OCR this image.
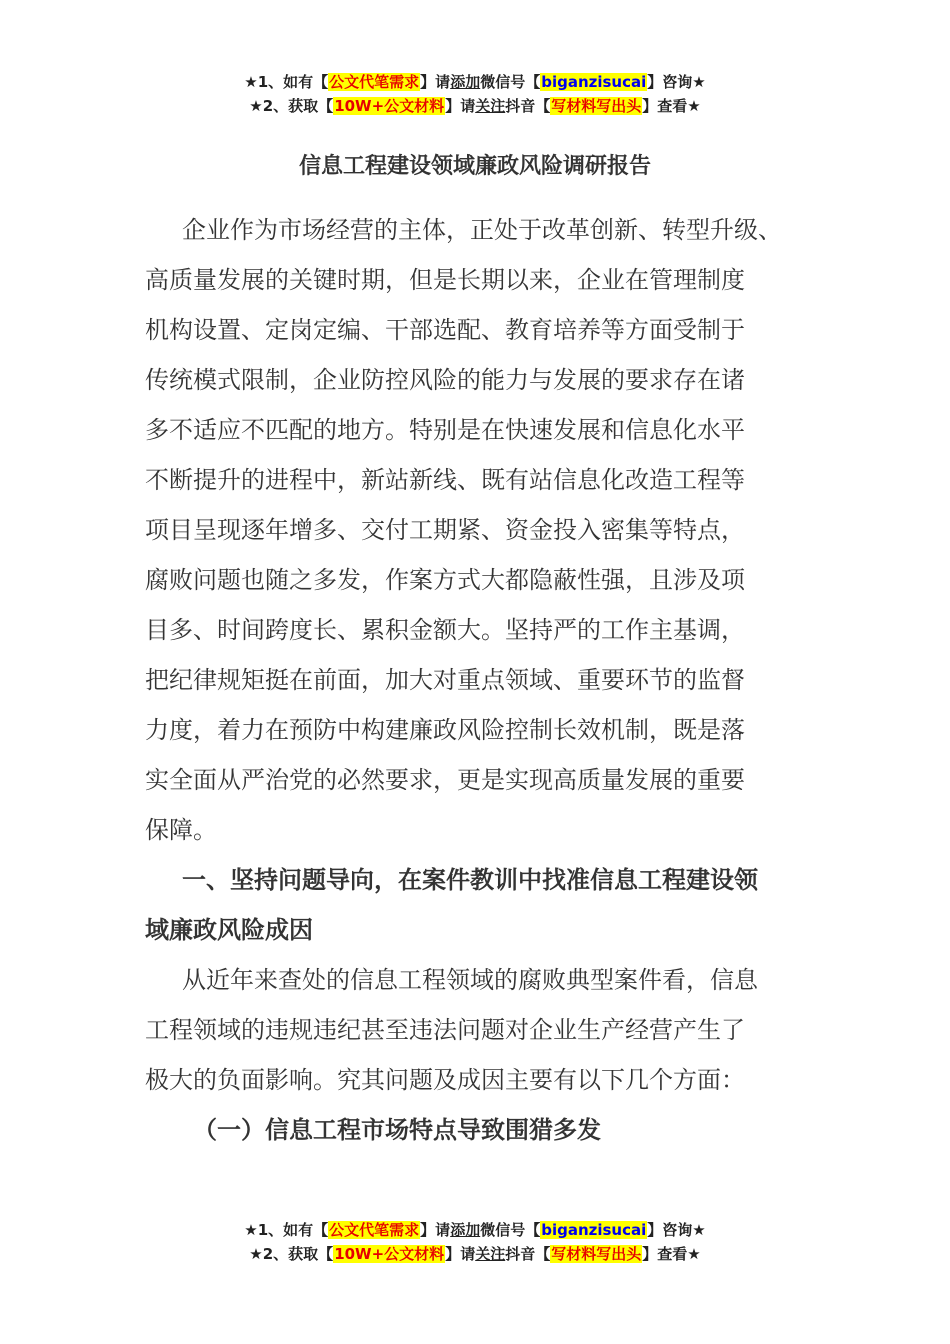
★1、如有【公文代笔需求】请添加微信号【biganzisucai】咨询★
★2、获取【10W+公文材料】请关注抖音【写材料写出头】查看★
信息工程建设领域廉政风险调研报告
企业作为市场经营的主体，正处于改革创新、转型升级、
高质量发展的关键时期，但是长期以来，企业在管理制度
机构设置、定岗定编、干部选配、教育培养等方面受制于
传统模式限制，企业防控风险的能力与发展的要求存在诸
多不适应不匹配的地方。特别是在快速发展和信息化水平
不断提升的进程中，新站新线、既有站信息化改造工程等
项目呈现逐年增多、交付工期紧、资金投入密集等特点，
腐败问题也随之多发，作案方式大都隐蔽性强，且涉及项
目多、时间跨度长、累积金额大。坚持严的工作主基调，
把纪律规矩挺在前面，加大对重点领域、重要环节的监督
力度，着力在预防中构建廉政风险控制长效机制，既是落
实全面从严治党的必然要求，更是实现高质量发展的重要
保障。
一、坚持问题导向，在案件教训中找准信息工程建设领
域廉政风险成因
从近年来查处的信息工程领域的腐败典型案件看，信息
工程领域的违规违纪甚至违法问题对企业生产经营产生了
极大的负面影响。究其问题及成因主要有以下几个方面：
（一）信息工程市场特点导致围猎多发
★1、如有【公文代笔需求】请添加微信号【biganzisucai】咨询★
★2、获取【10W+公文材料】请关注抖音【写材料写出头】查看★
